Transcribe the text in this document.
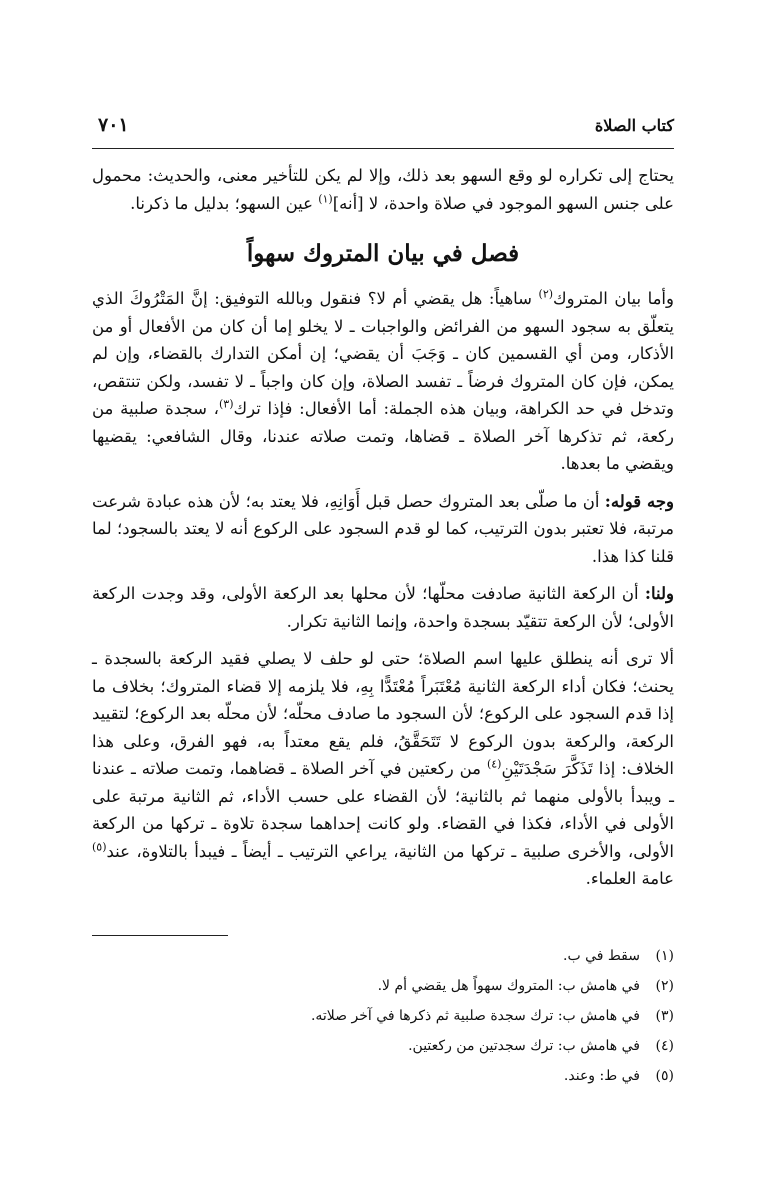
كتاب الصلاة
٧٠١

يحتاج إلى تكراره لو وقع السهو بعد ذلك، وإلا لم يكن للتأخير معنى، والحديث: محمول على جنس السهو الموجود في صلاة واحدة، لا [أنه]$^{(١)}$ عين السهو؛ بدليل ما ذكرنا.

فصل في بيان المتروك سهواً

وأما بيان المتروك$^{(٢)}$ ساهياً: هل يقضي أم لا؟ فنقول وبالله التوفيق: إنَّ المَتْرُوكَ الذي يتعلّق به سجود السهو من الفرائض والواجبات ـ لا يخلو إما أن كان من الأفعال أو من الأذكار، ومن أي القسمين كان ـ وَجَبَ أن يقضي؛ إن أمكن التدارك بالقضاء، وإن لم يمكن، فإن كان المتروك فرضاً ـ تفسد الصلاة، وإن كان واجباً ـ لا تفسد، ولكن تنتقص، وتدخل في حد الكراهة، وبيان هذه الجملة: أما الأفعال: فإذا ترك$^{(٣)}$، سجدة صلبية من ركعة، ثم تذكرها آخر الصلاة ـ قضاها، وتمت صلاته عندنا، وقال الشافعي: يقضيها ويقضي ما بعدها.

وجه قوله: أن ما صلّى بعد المتروك حصل قبل أَوَانِهِ، فلا يعتد به؛ لأن هذه عبادة شرعت مرتبة، فلا تعتبر بدون الترتيب، كما لو قدم السجود على الركوع أنه لا يعتد بالسجود؛ لما قلنا كذا هذا.

ولنا: أن الركعة الثانية صادفت محلّها؛ لأن محلها بعد الركعة الأولى، وقد وجدت الركعة الأولى؛ لأن الركعة تتقيّد بسجدة واحدة، وإنما الثانية تكرار.

ألا ترى أنه ينطلق عليها اسم الصلاة؛ حتى لو حلف لا يصلي فقيد الركعة بالسجدة ـ يحنث؛ فكان أداء الركعة الثانية مُعْتَبَراً مُعْتَدًّا بِهِ، فلا يلزمه إلا قضاء المتروك؛ بخلاف ما إذا قدم السجود على الركوع؛ لأن السجود ما صادف محلّه؛ لأن محلّه بعد الركوع؛ لتقييد الركعة، والركعة بدون الركوع لا تَتَحَقَّقُ، فلم يقع معتداً به، فهو الفرق، وعلى هذا الخلاف: إذا تَذَكَّرَ سَجْدَتَيْنِ$^{(٤)}$ من ركعتين في آخر الصلاة ـ قضاهما، وتمت صلاته ـ عندنا ـ ويبدأ بالأولى منهما ثم بالثانية؛ لأن القضاء على حسب الأداء، ثم الثانية مرتبة على الأولى في الأداء، فكذا في القضاء. ولو كانت إحداهما سجدة تلاوة ـ تركها من الركعة الأولى، والأخرى صلبية ـ تركها من الثانية، يراعي الترتيب ـ أيضاً ـ فيبدأ بالتلاوة، عند$^{(٥)}$ عامة العلماء.

(١)
سقط في ب.
(٢)
في هامش ب: المتروك سهواً هل يقضي أم لا.
(٣)
في هامش ب: ترك سجدة صلبية ثم ذكرها في آخر صلاته.
(٤)
في هامش ب: ترك سجدتين من ركعتين.
(٥)
في ط: وعند.
